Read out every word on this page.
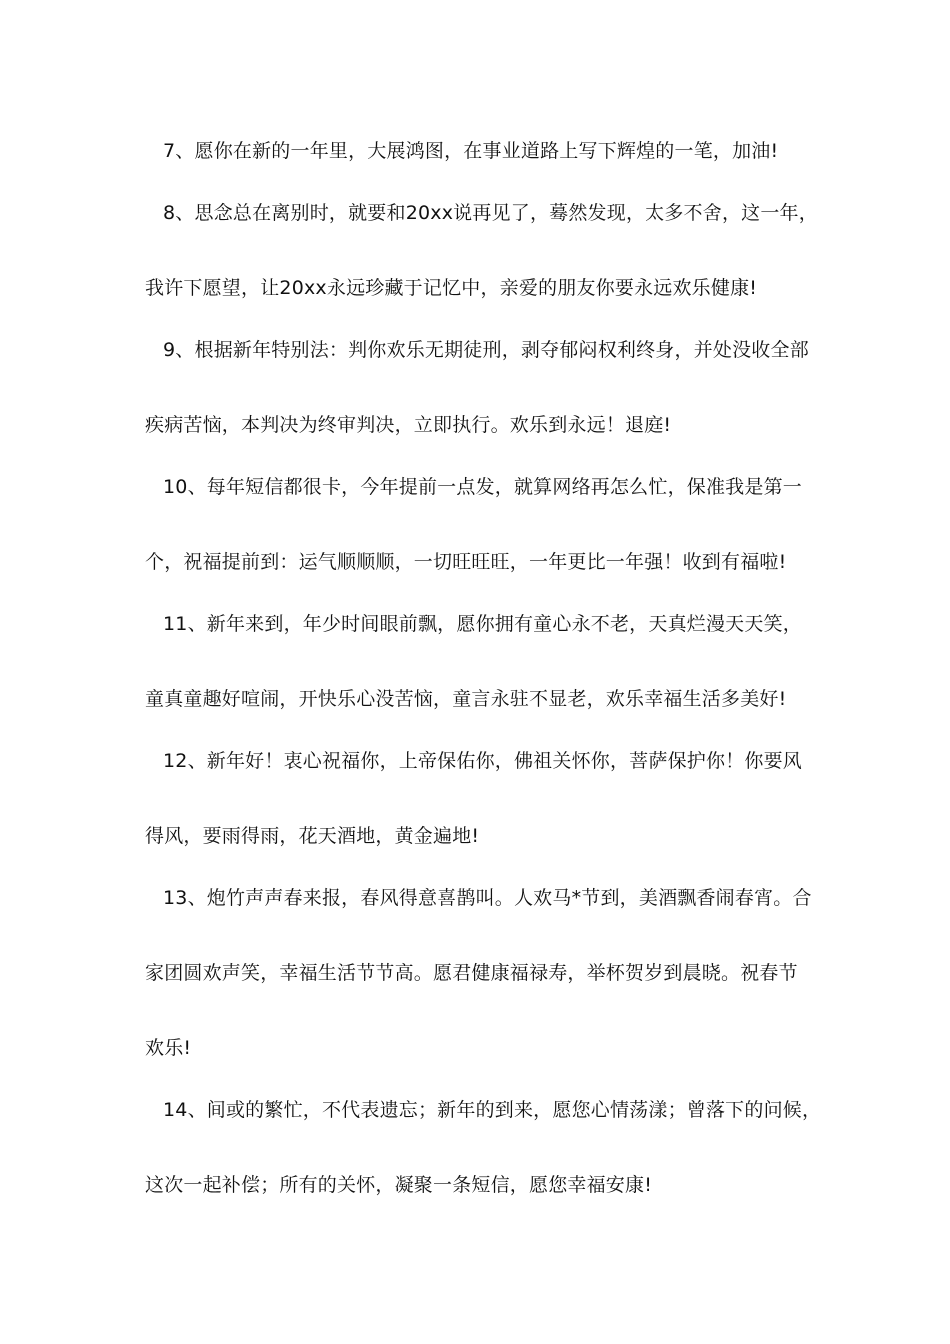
7、愿你在新的一年里，大展鸿图，在事业道路上写下辉煌的一笔，加油!
8、思念总在离别时，就要和20xx说再见了，蓦然发现，太多不舍，这一年，
我许下愿望，让20xx永远珍藏于记忆中，亲爱的朋友你要永远欢乐健康!
9、根据新年特别法：判你欢乐无期徒刑，剥夺郁闷权利终身，并处没收全部
疾病苦恼，本判决为终审判决，立即执行。欢乐到永远！退庭!
10、每年短信都很卡，今年提前一点发，就算网络再怎么忙，保准我是第一
个，祝福提前到：运气顺顺顺，一切旺旺旺，一年更比一年强！收到有福啦!
11、新年来到，年少时间眼前飘，愿你拥有童心永不老，天真烂漫天天笑，
童真童趣好喧闹，开快乐心没苦恼，童言永驻不显老，欢乐幸福生活多美好!
12、新年好！衷心祝福你，上帝保佑你，佛祖关怀你，菩萨保护你！你要风
得风，要雨得雨，花天酒地，黄金遍地!
13、炮竹声声春来报，春风得意喜鹊叫。人欢马*节到，美酒飘香闹春宵。合
家团圆欢声笑，幸福生活节节高。愿君健康福禄寿，举杯贺岁到晨晓。祝春节
欢乐!
14、间或的繁忙，不代表遗忘；新年的到来，愿您心情荡漾；曾落下的问候，
这次一起补偿；所有的关怀，凝聚一条短信，愿您幸福安康!
